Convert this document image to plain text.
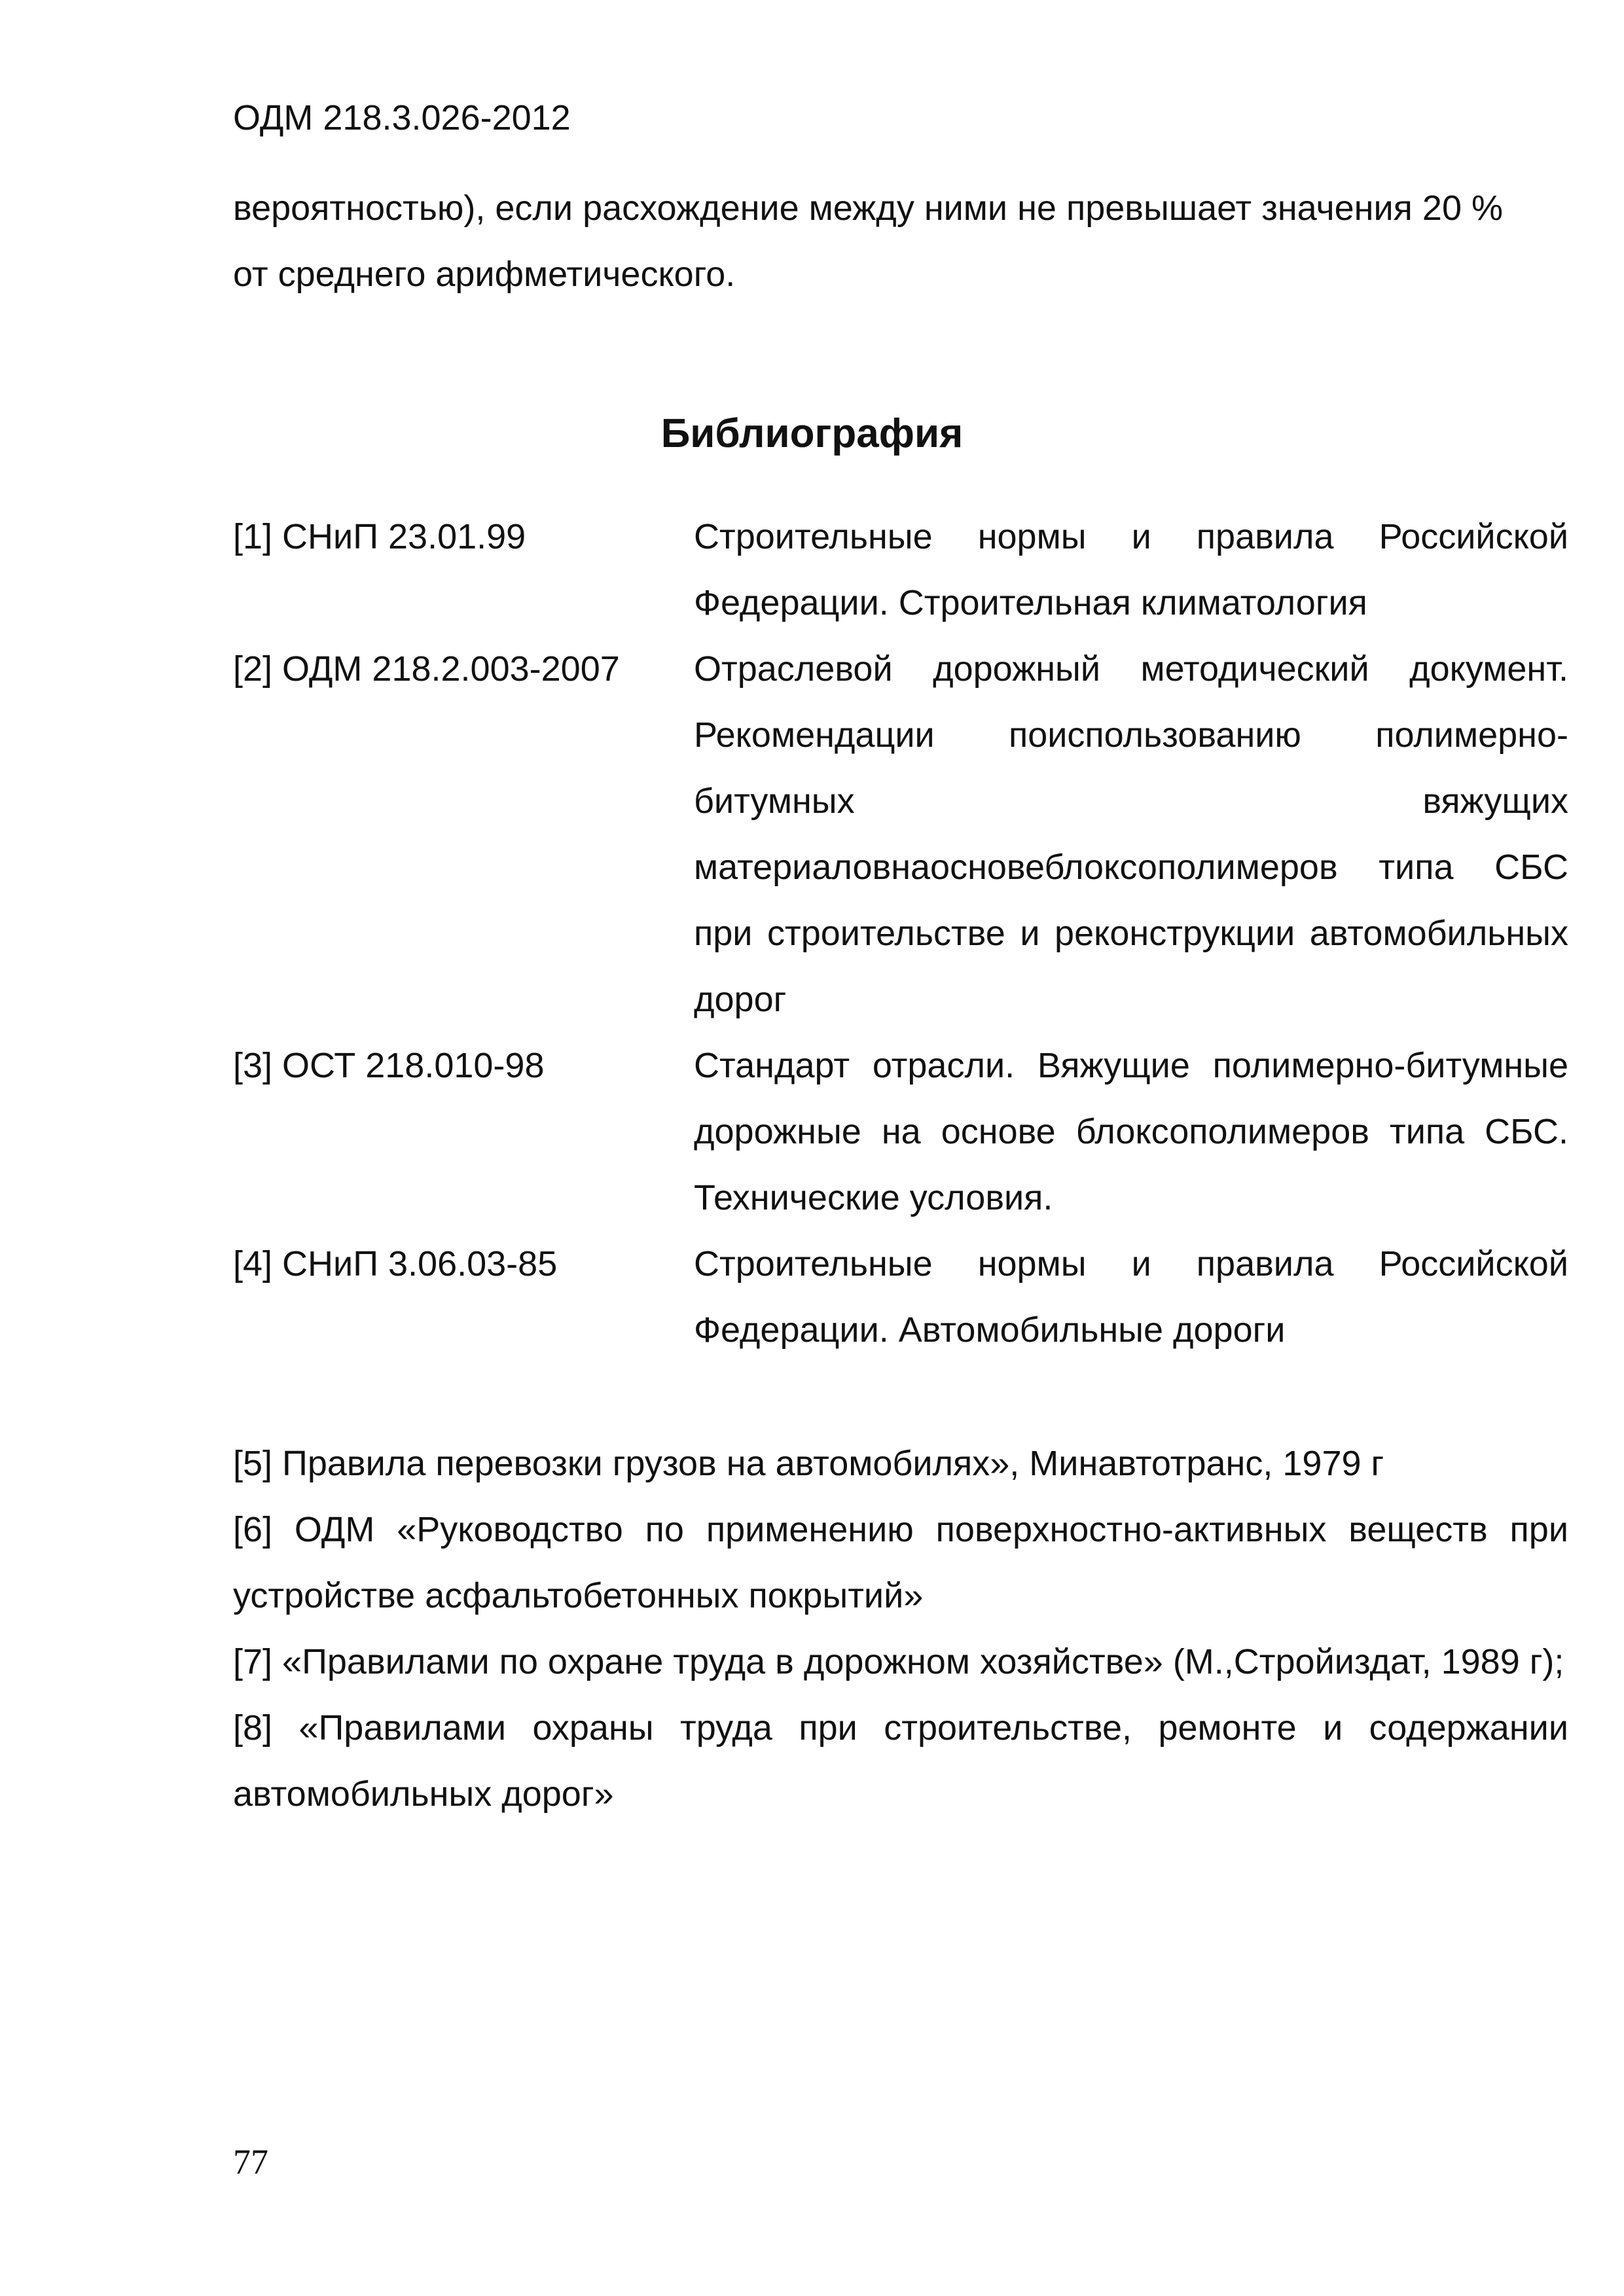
ОДМ 218.3.026-2012
вероятностью), если расхождение между ними не превышает значения 20 % от среднего арифметического.
Библиография
[1] СНиП 23.01.99	Строительные нормы и правила Российской Федерации. Строительная климатология
[2] ОДМ 218.2.003-2007	Отраслевой дорожный методический документ. Рекомендации поиспользованию полимерно-битумных вяжущих материаловнаосновеблоксополимеров типа СБС при строительстве и реконструкции автомобильных дорог
[3] ОСТ 218.010-98	Стандарт отрасли. Вяжущие полимерно-битумные дорожные на основе блоксополимеров типа СБС. Технические условия.
[4] СНиП 3.06.03-85	Строительные нормы и правила Российской Федерации. Автомобильные дороги

[5] Правила перевозки грузов на автомобилях», Минавтотранс, 1979 г

[6] ОДМ «Руководство по применению поверхностно-активных веществ при устройстве асфальтобетонных покрытий»

[7] «Правилами по охране труда в дорожном хозяйстве» (М.,Стройиздат, 1989 г);

[8] «Правилами охраны труда при строительстве, ремонте и содержании автомобильных дорог»

77
